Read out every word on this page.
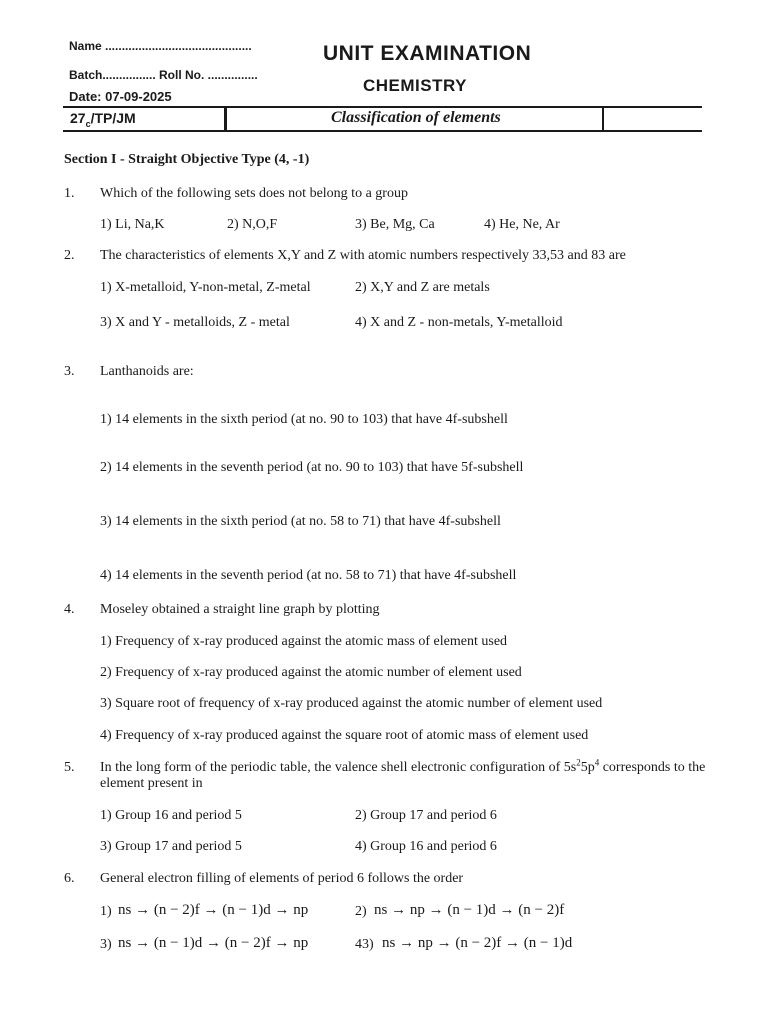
Name ............................................
Batch................ Roll No. ...............
Date: 07-09-2025
UNIT EXAMINATION
CHEMISTRY
$27_c/TP/JM$	Classification of elements
Section I - Straight Objective Type (4, -1)
1. Which of the following sets does not belong to a group
1) Li, Na,K	2) N,O,F	3) Be, Mg, Ca	4) He, Ne, Ar
2. The characteristics of elements X,Y and Z with atomic numbers respectively 33,53 and 83 are
1) X-metalloid, Y-non-metal, Z-metal	2) X,Y and Z are metals
3) X and Y - metalloids, Z - metal	4) X and Z - non-metals, Y-metalloid
3. Lanthanoids are:
1) 14 elements in the sixth period (at no. 90 to 103) that have 4f-subshell
2) 14 elements in the seventh period (at no. 90 to 103) that have 5f-subshell
3) 14 elements in the sixth period (at no. 58 to 71) that have 4f-subshell
4) 14 elements in the seventh period (at no. 58 to 71) that have 4f-subshell
4. Moseley obtained a straight line graph by plotting
1) Frequency of x-ray produced against the atomic mass of element used
2) Frequency of x-ray produced against the atomic number of element used
3) Square root of frequency of x-ray produced against the atomic number of element used
4) Frequency of x-ray produced against the square root of atomic mass of element used
5. In the long form of the periodic table, the valence shell electronic configuration of $5s^25p^4$ corresponds to the element present in
1) Group 16 and period 5	2) Group 17 and period 6
3) Group 17 and period 5	4) Group 16 and period 6
6. General electron filling of elements of period 6 follows the order
1) ns → (n − 2)f → (n − 1)d → np	2) ns → np → (n − 1)d → (n − 2)f
3) ns → (n − 1)d → (n − 2)f → np	43) ns → np → (n − 2)f → (n − 1)d
